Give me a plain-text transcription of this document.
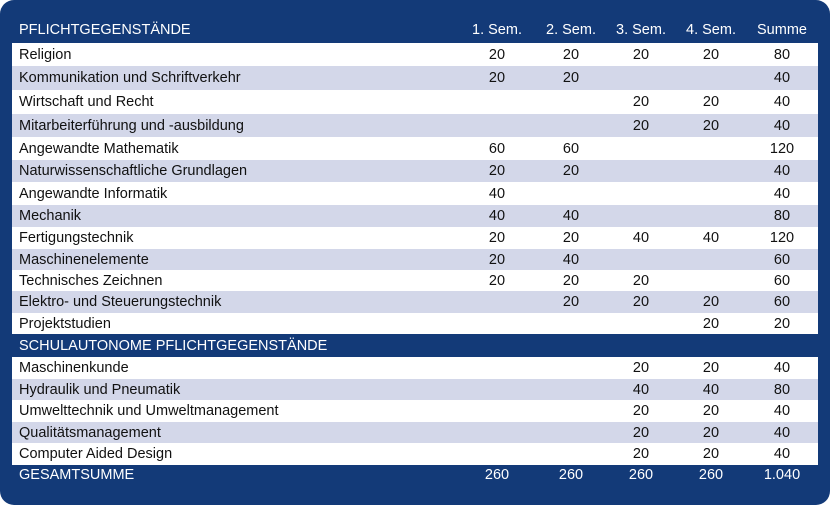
PFLICHTGEGENSTÄNDE	1. Sem.	2. Sem.	3. Sem.	4. Sem.	Summe
Religion	20	20	20	20	80
Kommunikation und Schriftverkehr	20	20			40
Wirtschaft und Recht			20	20	40
Mitarbeiterführung und -ausbildung			20	20	40
Angewandte Mathematik	60	60			120
Naturwissenschaftliche Grundlagen	20	20			40
Angewandte Informatik	40				40
Mechanik	40	40			80
Fertigungstechnik	20	20	40	40	120
Maschinenelemente	20	40			60
Technisches Zeichnen	20	20	20		60
Elektro- und Steuerungstechnik		20	20	20	60
Projektstudien				20	20
SCHULAUTONOME PFLICHTGEGENSTÄNDE					
Maschinenkunde			20	20	40
Hydraulik und Pneumatik			40	40	80
Umwelttechnik und Umweltmanagement			20	20	40
Qualitätsmanagement			20	20	40
Computer Aided Design			20	20	40
GESAMTSUMME	260	260	260	260	1.040
